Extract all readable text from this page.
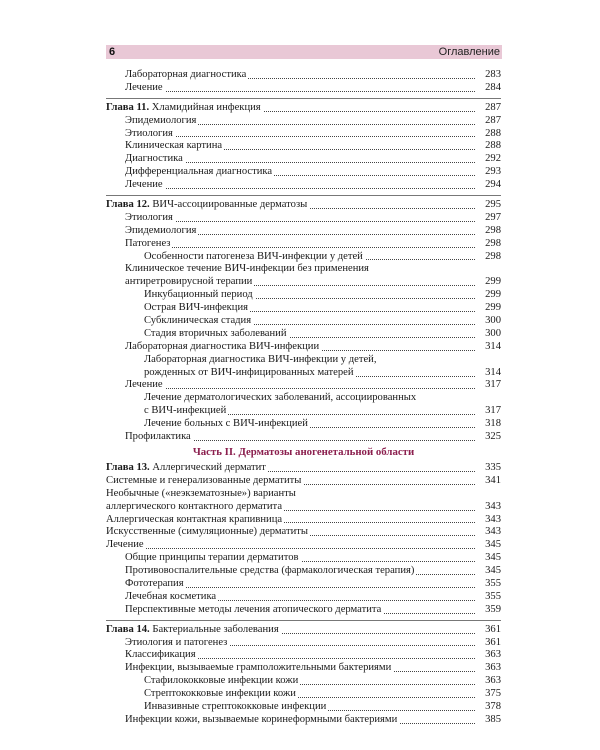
6	Оглавление
Лабораторная диагностика	283
Лечение	284
Глава 11. Хламидийная инфекция	287
Эпидемиология	287
Этиология	288
Клиническая картина	288
Диагностика	292
Дифференциальная диагностика	293
Лечение	294
Глава 12. ВИЧ-ассоциированные дерматозы	295
Этиология	297
Эпидемиология	298
Патогенез	298
Особенности патогенеза ВИЧ-инфекции у детей	298
Клиническое течение ВИЧ-инфекции без применения
антиретровирусной терапии	299
Инкубационный период	299
Острая ВИЧ-инфекция	299
Субклиническая стадия	300
Стадия вторичных заболеваний	300
Лабораторная диагностика ВИЧ-инфекции	314
Лабораторная диагностика ВИЧ-инфекции у детей,
рожденных от ВИЧ-инфицированных матерей	314
Лечение	317
Лечение дерматологических заболеваний, ассоциированных
с ВИЧ-инфекцией	317
Лечение больных с ВИЧ-инфекцией	318
Профилактика	325
Часть II. Дерматозы аногенетальной области
Глава 13. Аллергический дерматит	335
Системные и генерализованные дерматиты	341
Необычные («неэкзематозные») варианты
аллергического контактного дерматита	343
Аллергическая контактная крапивница	343
Искусственные (симуляционные) дерматиты	343
Лечение	345
Общие принципы терапии дерматитов	345
Противовоспалительные средства (фармакологическая терапия)	345
Фототерапия	355
Лечебная косметика	355
Перспективные методы лечения атопического дерматита	359
Глава 14. Бактериальные заболевания	361
Этиология и патогенез	361
Классификация	363
Инфекции, вызываемые грамположительными бактериями	363
Стафилококковые инфекции кожи	363
Стрептококковые инфекции кожи	375
Инвазивные стрептококковые инфекции	378
Инфекции кожи, вызываемые коринеформными бактериями	385
